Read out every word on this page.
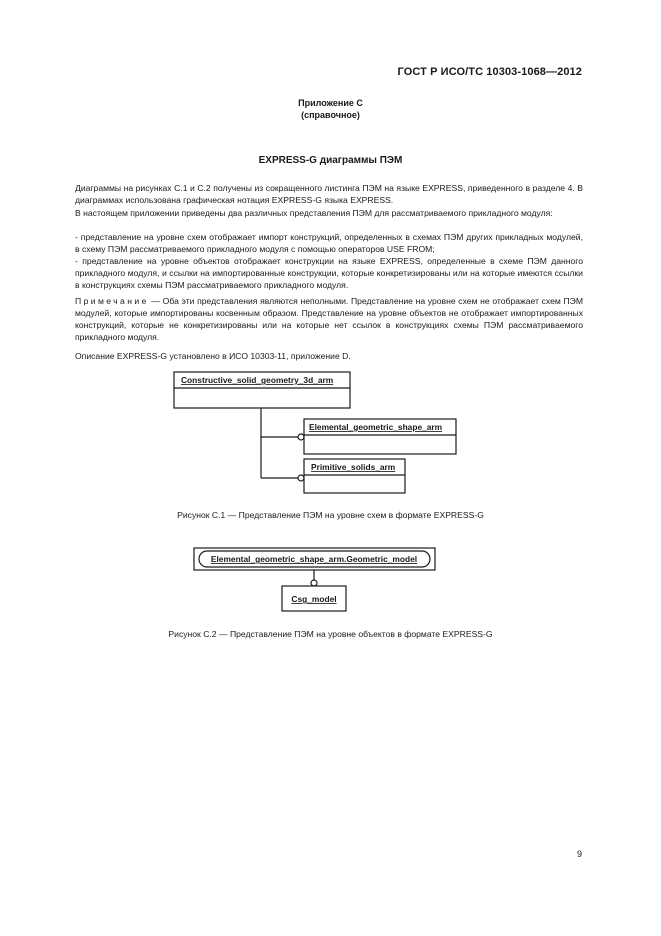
ГОСТ Р ИСО/ТС 10303-1068—2012
Приложение С
(справочное)
EXPRESS-G диаграммы ПЭМ

Диаграммы на рисунках С.1 и С.2 получены из сокращенного листинга ПЭМ на языке EXPRESS, приведенного в разделе 4. В диаграммах использована графическая нотация EXPRESS-G языка EXPRESS.

В настоящем приложении приведены два различных представления ПЭМ для рассматриваемого прикладного модуля:

- представление на уровне схем отображает импорт конструкций, определенных в схемах ПЭМ других прикладных модулей, в схему ПЭМ рассматриваемого прикладного модуля с помощью операторов USE FROM;

- представление на уровне объектов отображает конструкции на языке EXPRESS, определенные в схеме ПЭМ данного прикладного модуля, и ссылки на импортированные конструкции, которые конкретизированы или на которые имеются ссылки в конструкциях схемы ПЭМ рассматриваемого прикладного модуля.

Примечание — Оба эти представления являются неполными. Представление на уровне схем не отображает схем ПЭМ модулей, которые импортированы косвенным образом. Представление на уровне объектов не отображает импортированных конструкций, которые не конкретизированы или на которые нет ссылок в конструкциях схемы ПЭМ рассматриваемого прикладного модуля.

Описание EXPRESS-G установлено в ИСО 10303-11, приложение D.

Constructive_solid_geometry_3d_arm
Elemental_geometric_shape_arm
Primitive_solids_arm
Рисунок С.1 — Представление ПЭМ на уровне схем в формате EXPRESS-G
Elemental_geometric_shape_arm.Geometric_model
Csg_model
Рисунок С.2 — Представление ПЭМ на уровне объектов в формате EXPRESS-G
9
